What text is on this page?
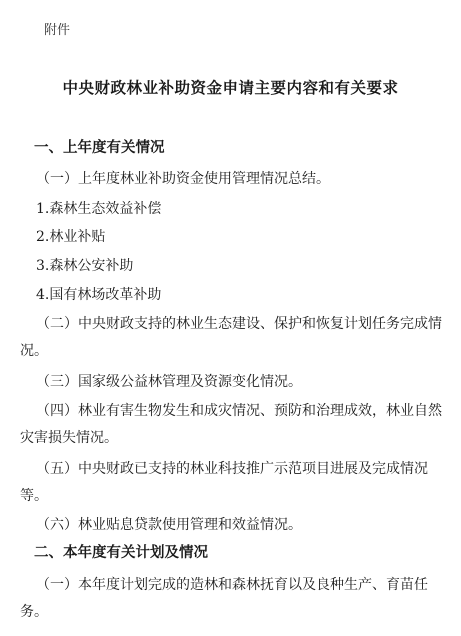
附件
中央财政林业补助资金申请主要内容和有关要求
一、上年度有关情况
（一）上年度林业补助资金使用管理情况总结。
1.森林生态效益补偿
2.林业补贴
3.森林公安补助
4.国有林场改革补助
（二）中央财政支持的林业生态建设、保护和恢复计划任务完成情况。
（三）国家级公益林管理及资源变化情况。
（四）林业有害生物发生和成灾情况、预防和治理成效，林业自然灾害损失情况。
（五）中央财政已支持的林业科技推广示范项目进展及完成情况等。
（六）林业贴息贷款使用管理和效益情况。
二、本年度有关计划及情况
（一）本年度计划完成的造林和森林抚育以及良种生产、育苗任务。
